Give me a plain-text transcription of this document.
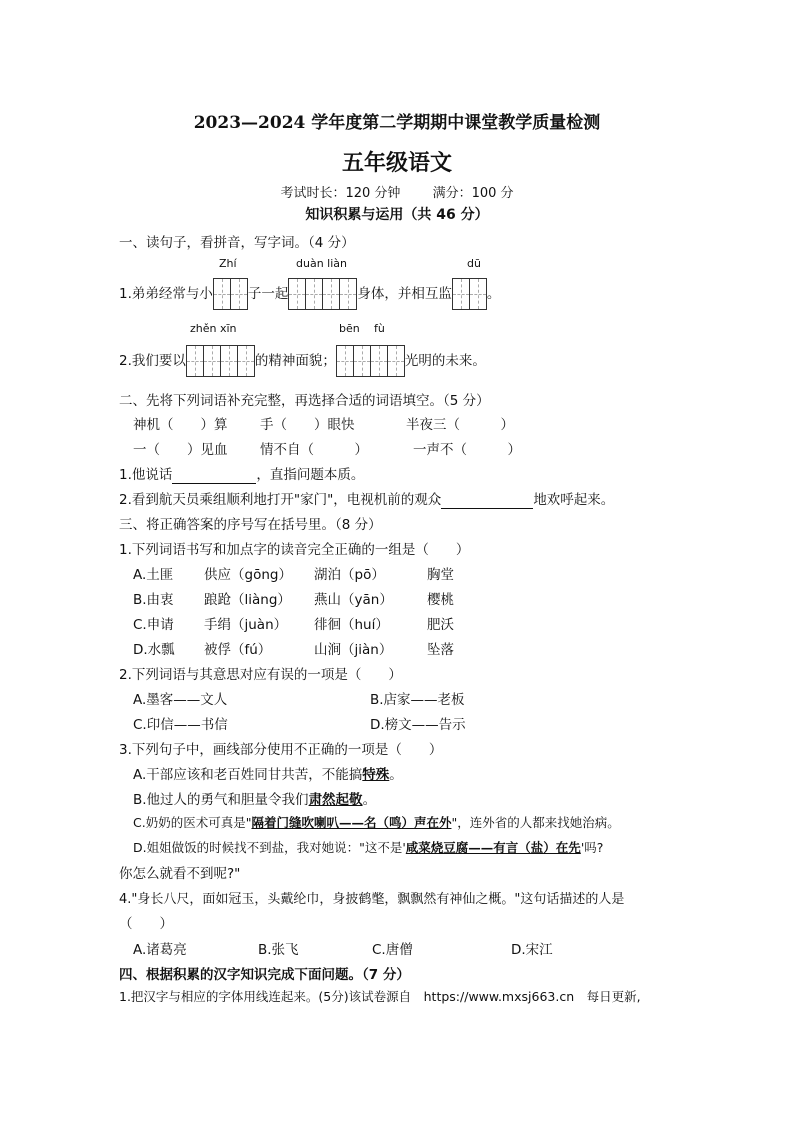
2023—2024 学年度第二学期期中课堂教学质量检测
五年级语文
考试时长：120 分钟 满分：100 分
知识积累与运用（共 46 分）
一、读句子，看拼音，写字词。（4 分）
Zhí	duàn liàn	dū
1.弟弟经常与小	子一起	身体，并相互监	。
zhěn xīn	bēn fù
2.我们要以	的精神面貌；	光明的未来。
二、先将下列词语补充完整，再选择合适的词语填空。（5 分）
神机（　　）算 手（　　）眼快	半夜三（　　　）
一（　　）见血 情不自（　　　）	一声不（　　　）
1.他说话	，直指问题本质。
2.看到航天员乘组顺利地打开"家门"，电视机前的观众	地欢呼起来。
三、将正确答案的序号写在括号里。（8 分）
1.下列词语书写和加点字的读音完全正确的一组是（　　）
A.土匪 供应（gōng） 湖泊（pō）	胸堂
B.由衷 踉跄（liàng） 燕山（yān）	樱桃
C.申请 手绢（juàn） 徘徊（huí）	肥沃
D.水瓢 被俘（fú）	山涧（jiàn）	坠落
2.下列词语与其意思对应有误的一项是（　　）
A.墨客——文人	B.店家——老板
C.印信——书信	D.榜文——告示
3.下列句子中，画线部分使用不正确的一项是（　　）
A.干部应该和老百姓同甘共苦，不能搞特殊。
B.他过人的勇气和胆量令我们肃然起敬。
C.奶奶的医术可真是"隔着门缝吹喇叭——名（鸣）声在外"，连外省的人都来找她治病。
D.姐姐做饭的时候找不到盐，我对她说："这不是'咸菜烧豆腐——有言（盐）在先'吗?
你怎么就看不到呢?"
4."身长八尺，面如冠玉，头戴纶巾，身披鹤氅，飘飘然有神仙之概。"这句话描述的人是
（　　）
A.诸葛亮	B.张飞	C.唐僧	D.宋江
四、根据积累的汉字知识完成下面问题。（7 分）
1.把汉字与相应的字体用线连起来。(5分)该试卷源自　https://www.mxsj663.cn　每日更新,
